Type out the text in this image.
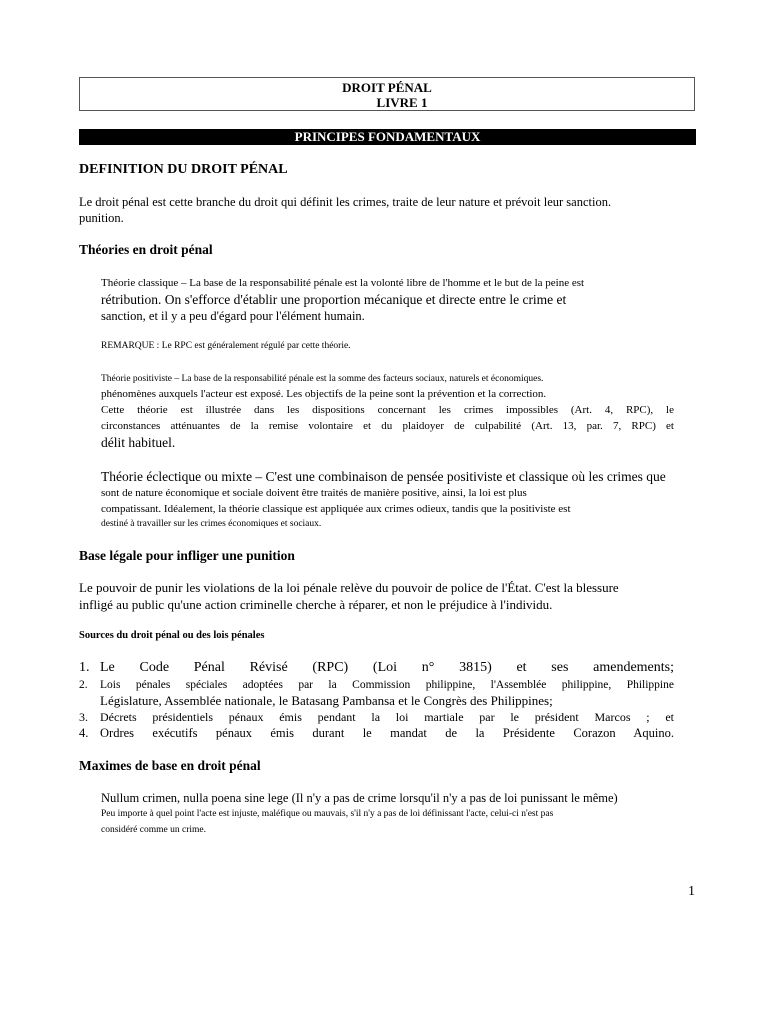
DROIT PÉNAL
LIVRE 1
PRINCIPES FONDAMENTAUX
DEFINITION DU DROIT PÉNAL
Le droit pénal est cette branche du droit qui définit les crimes, traite de leur nature et prévoit leur sanction.
punition.
Théories en droit pénal
Théorie classique – La base de la responsabilité pénale est la volonté libre de l'homme et le but de la peine est
rétribution. On s'efforce d'établir une proportion mécanique et directe entre le crime et
sanction, et il y a peu d'égard pour l'élément humain.
REMARQUE : Le RPC est généralement régulé par cette théorie.
Théorie positiviste – La base de la responsabilité pénale est la somme des facteurs sociaux, naturels et économiques.
phénomènes auxquels l'acteur est exposé. Les objectifs de la peine sont la prévention et la correction.
Cette théorie est illustrée dans les dispositions concernant les crimes impossibles (Art. 4, RPC), le
circonstances atténuantes de la remise volontaire et du plaidoyer de culpabilité (Art. 13, par. 7, RPC) et
délit habituel.
Théorie éclectique ou mixte – C'est une combinaison de pensée positiviste et classique où les crimes que
sont de nature économique et sociale doivent être traités de manière positive, ainsi, la loi est plus
compatissant. Idéalement, la théorie classique est appliquée aux crimes odieux, tandis que la positiviste est
destiné à travailler sur les crimes économiques et sociaux.
Base légale pour infliger une punition
Le pouvoir de punir les violations de la loi pénale relève du pouvoir de police de l'État. C'est la blessure
infligé au public qu'une action criminelle cherche à réparer, et non le préjudice à l'individu.
Sources du droit pénal ou des lois pénales
1. Le Code Pénal Révisé (RPC) (Loi n° 3815) et ses amendements;
2. Lois pénales spéciales adoptées par la Commission philippine, l'Assemblée philippine, Philippine
Législature, Assemblée nationale, le Batasang Pambansa et le Congrès des Philippines;
3. Décrets présidentiels pénaux émis pendant la loi martiale par le président Marcos ; et
4. Ordres exécutifs pénaux émis durant le mandat de la Présidente Corazon Aquino.
Maximes de base en droit pénal
Nullum crimen, nulla poena sine lege (Il n'y a pas de crime lorsqu'il n'y a pas de loi punissant le même)
Peu importe à quel point l'acte est injuste, maléfique ou mauvais, s'il n'y a pas de loi définissant l'acte, celui-ci n'est pas
considéré comme un crime.
1
